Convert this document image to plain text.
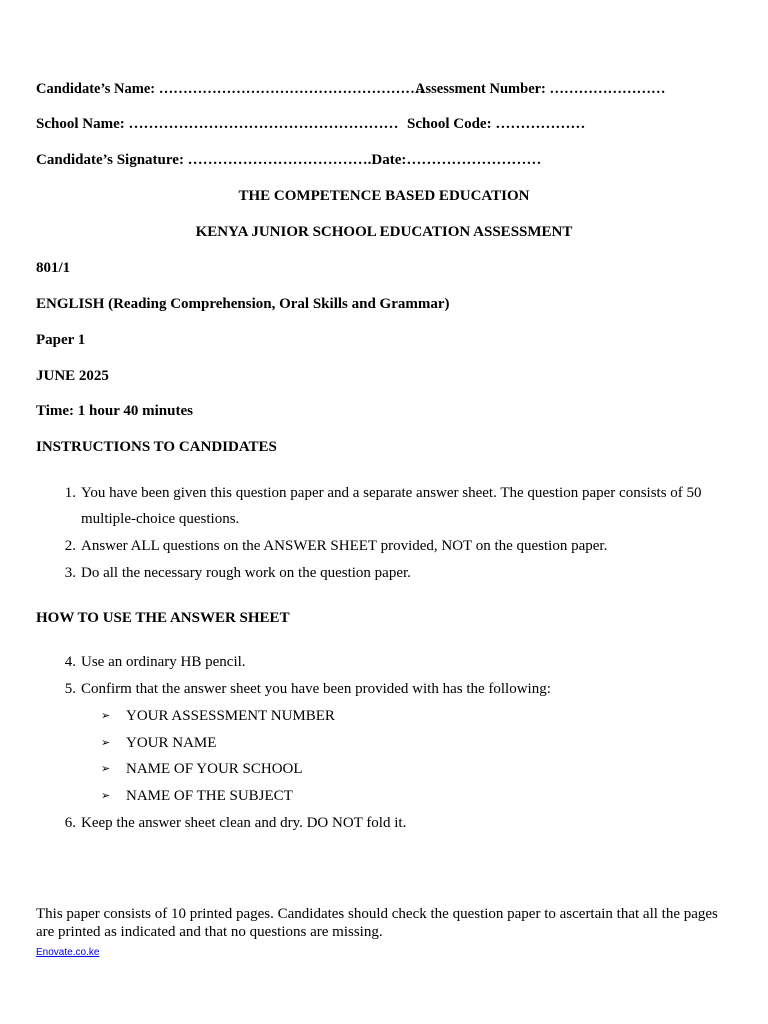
Candidate’s Name: ……………………………………………….
Assessment Number: ……………………
School Name: ……………………………………………… School Code: ………………
Candidate’s Signature: ……………………………….Date:………………………
THE COMPETENCE BASED EDUCATION
KENYA JUNIOR SCHOOL EDUCATION ASSESSMENT
801/1
ENGLISH (Reading Comprehension, Oral Skills and Grammar)
Paper 1
JUNE 2025
Time: 1 hour 40 minutes
INSTRUCTIONS TO CANDIDATES
1. You have been given this question paper and a separate answer sheet. The question paper consists of 50 multiple-choice questions.
2. Answer ALL questions on the ANSWER SHEET provided, NOT on the question paper.
3. Do all the necessary rough work on the question paper.
HOW TO USE THE ANSWER SHEET
4. Use an ordinary HB pencil.
5. Confirm that the answer sheet you have been provided with has the following:
➢ YOUR ASSESSMENT NUMBER
➢ YOUR NAME
➢ NAME OF YOUR SCHOOL
➢ NAME OF THE SUBJECT
6. Keep the answer sheet clean and dry. DO NOT fold it.
This paper consists of 10 printed pages. Candidates should check the question paper to ascertain that all the pages are printed as indicated and that no questions are missing.
Enovate.co.ke
